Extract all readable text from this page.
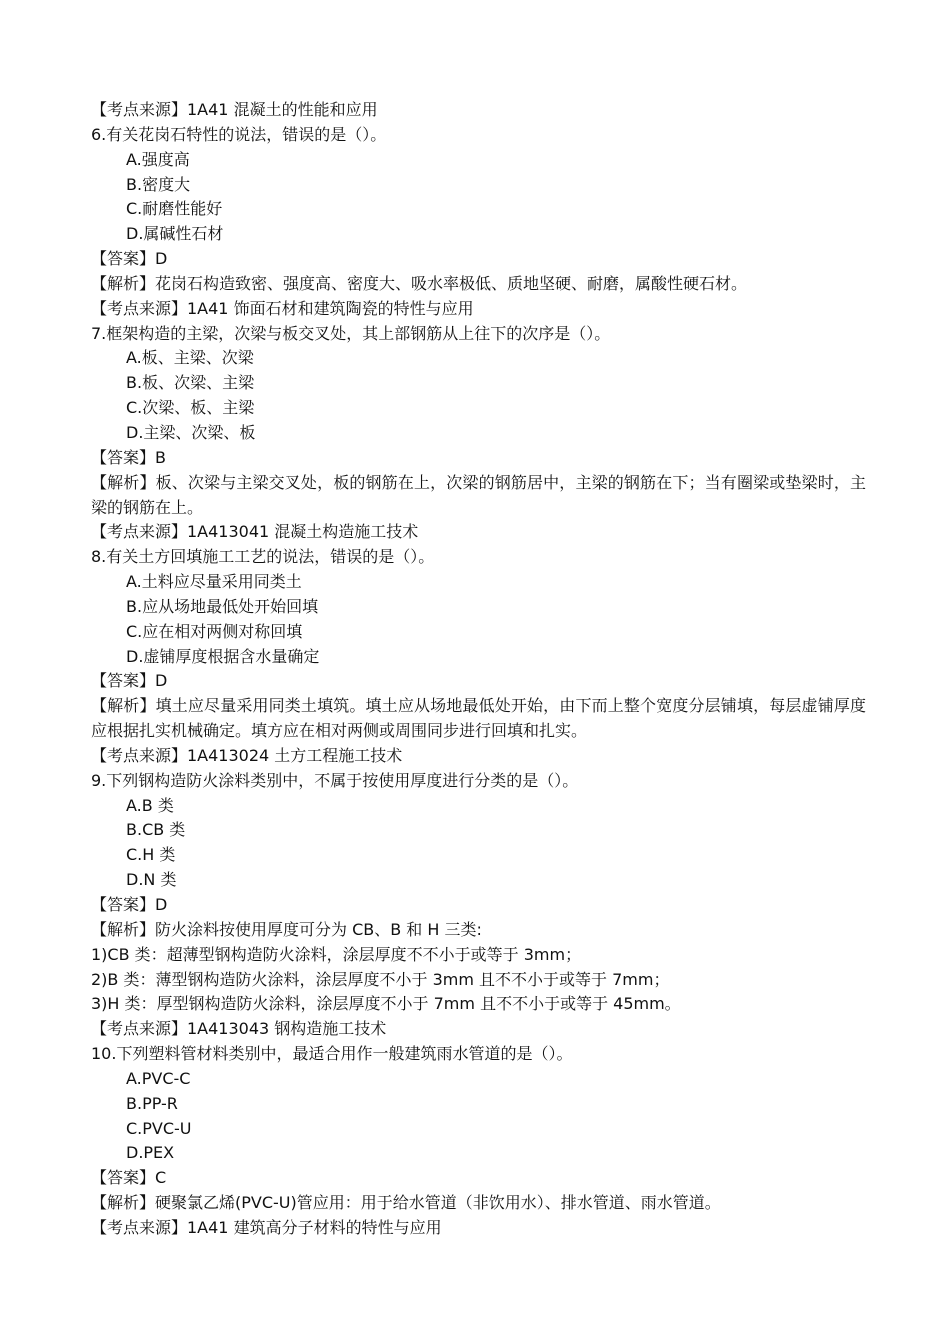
【考点来源】1A41 混凝土的性能和应用
6.有关花岗石特性的说法，错误的是（）。
A.强度高
B.密度大
C.耐磨性能好
D.属碱性石材
【答案】D
【解析】花岗石构造致密、强度高、密度大、吸水率极低、质地坚硬、耐磨，属酸性硬石材。
【考点来源】1A41 饰面石材和建筑陶瓷的特性与应用
7.框架构造的主梁，次梁与板交叉处，其上部钢筋从上往下的次序是（）。
A.板、主梁、次梁
B.板、次梁、主梁
C.次梁、板、主梁
D.主梁、次梁、板
【答案】B
【解析】板、次梁与主梁交叉处，板的钢筋在上，次梁的钢筋居中，主梁的钢筋在下；当有圈梁或垫梁时，主梁的钢筋在上。
【考点来源】1A413041 混凝土构造施工技术
8.有关土方回填施工工艺的说法，错误的是（）。
A.土料应尽量采用同类土
B.应从场地最低处开始回填
C.应在相对两侧对称回填
D.虚铺厚度根据含水量确定
【答案】D
【解析】填土应尽量采用同类土填筑。填土应从场地最低处开始，由下而上整个宽度分层铺填，每层虚铺厚度应根据扎实机械确定。填方应在相对两侧或周围同步进行回填和扎实。
【考点来源】1A413024 土方工程施工技术
9.下列钢构造防火涂料类别中，不属于按使用厚度进行分类的是（）。
A.B 类
B.CB 类
C.H 类
D.N 类
【答案】D
【解析】防火涂料按使用厚度可分为 CB、B 和 H 三类:
1)CB 类：超薄型钢构造防火涂料，涂层厚度不不小于或等于 3mm；
2)B 类：薄型钢构造防火涂料，涂层厚度不小于 3mm 且不不小于或等于 7mm；
3)H 类：厚型钢构造防火涂料，涂层厚度不小于 7mm 且不不小于或等于 45mm。
【考点来源】1A413043 钢构造施工技术
10.下列塑料管材料类别中，最适合用作一般建筑雨水管道的是（）。
A.PVC-C
B.PP-R
C.PVC-U
D.PEX
【答案】C
【解析】硬聚氯乙烯(PVC-U)管应用：用于给水管道（非饮用水）、排水管道、雨水管道。
【考点来源】1A41 建筑高分子材料的特性与应用
